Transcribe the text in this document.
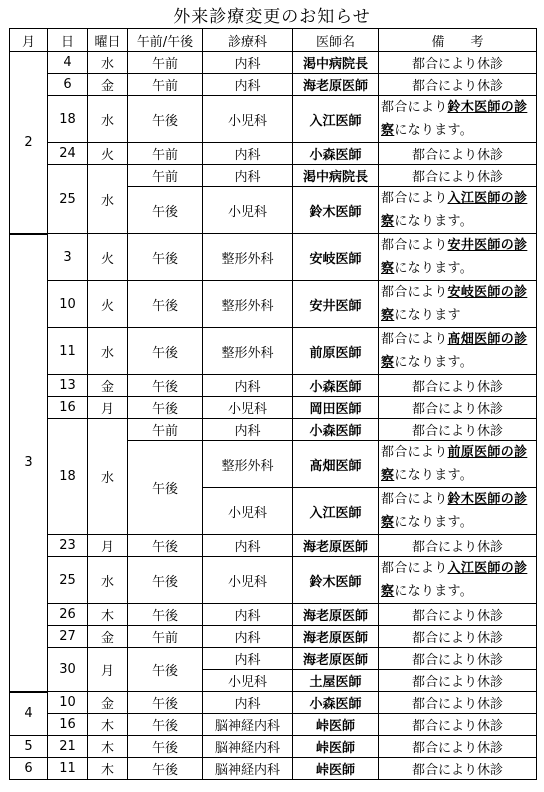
外来診療変更のお知らせ
月	日	曜日	午前/午後	診療科	医師名	備　　考
2	4	水	午前	内科	渇中病院長	都合により休診
	6	金	午前	内科	海老原医師	都合により休診
	18	水	午後	小児科	入江医師	都合により鈴木医師の診察になります。
	24	火	午前	内科	小森医師	都合により休診
	25	水	午前	内科	渇中病院長	都合により休診
			午後	小児科	鈴木医師	都合により入江医師の診察になります。
3	3	火	午後	整形外科	安岐医師	都合により安井医師の診察になります。
	10	火	午後	整形外科	安井医師	都合により安岐医師の診察になります
	11	水	午後	整形外科	前原医師	都合により髙畑医師の診察になります。
	13	金	午後	内科	小森医師	都合により休診
	16	月	午後	小児科	岡田医師	都合により休診
	18	水	午前	内科	小森医師	都合により休診
			午後	整形外科	髙畑医師	都合により前原医師の診察になります。
				小児科	入江医師	都合により鈴木医師の診察になります。
	23	月	午後	内科	海老原医師	都合により休診
	25	水	午後	小児科	鈴木医師	都合により入江医師の診察になります。
	26	木	午後	内科	海老原医師	都合により休診
	27	金	午前	内科	海老原医師	都合により休診
	30	月	午後	内科	海老原医師	都合により休診
				小児科	土屋医師	都合により休診
4	10	金	午後	内科	小森医師	都合により休診
	16	木	午後	脳神経内科	峠医師	都合により休診
5	21	木	午後	脳神経内科	峠医師	都合により休診
6	11	木	午後	脳神経内科	峠医師	都合により休診
